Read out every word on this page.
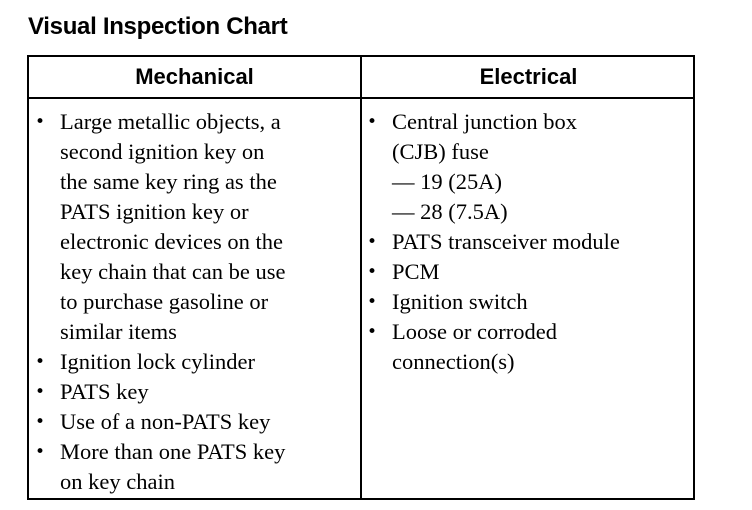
Visual Inspection Chart
Mechanical	Electrical
• Large metallic objects, a
second ignition key on
the same key ring as the
PATS ignition key or
electronic devices on the
key chain that can be use
to purchase gasoline or
similar items
• Ignition lock cylinder
• PATS key
• Use of a non-PATS key
• More than one PATS key
on key chain
• Central junction box
(CJB) fuse
— 19 (25A)
— 28 (7.5A)
• PATS transceiver module
• PCM
• Ignition switch
• Loose or corroded
connection(s)
